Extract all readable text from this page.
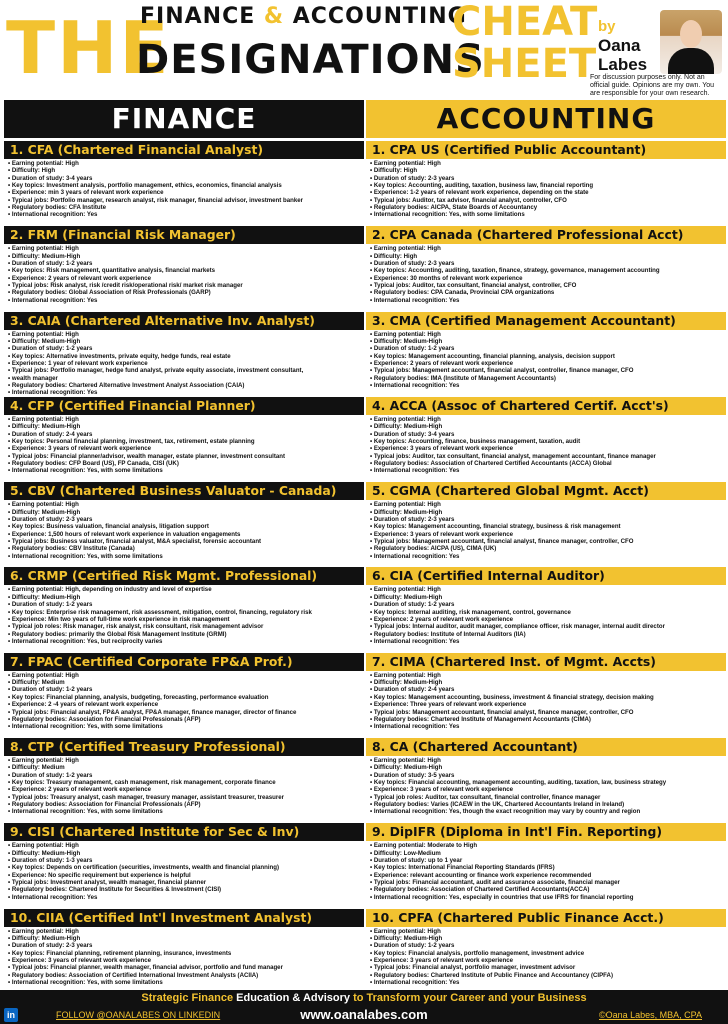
THE
FINANCE & ACCOUNTING
DESIGNATIONS
CHEAT
SHEET
by
Oana Labes
For discussion purposes only. Not an official guide. Opinions are my own. You are responsible for your own research.
FINANCE	ACCOUNTING
1. CFA (Chartered Financial Analyst)
• Earning potential: High
• Difficulty: High
• Duration of study: 3-4 years
• Key topics: Investment analysis, portfolio management, ethics, economics, financial analysis
• Experience: min 3 years of relevant work experience
• Typical jobs: Portfolio manager, research analyst, risk manager, financial advisor, investment banker
• Regulatory bodies: CFA Institute
• International recognition: Yes
2. FRM (Financial Risk Manager)
• Earning potential: High
• Difficulty: Medium-High
• Duration of study: 1-2 years
• Key topics: Risk management, quantitative analysis, financial markets
• Experience: 2 years of relevant work experience
• Typical jobs: Risk analyst, risk /credit risk/operational risk/ market risk manager
• Regulatory bodies: Global Association of Risk Professionals (GARP)
• International recognition: Yes
3. CAIA (Chartered Alternative Inv. Analyst)
• Earning potential: High
• Difficulty: Medium-High
• Duration of study: 1-2 years
• Key topics: Alternative investments, private equity, hedge funds, real estate
• Experience: 1 year of relevant work experience
• Typical jobs: Portfolio manager, hedge fund analyst, private equity associate, investment consultant,
• wealth manager
• Regulatory bodies: Chartered Alternative Investment Analyst Association (CAIA)
• International recognition: Yes
4. CFP (Certified Financial Planner)
• Earning potential: High
• Difficulty: Medium-High
• Duration of study: 2-4 years
• Key topics: Personal financial planning, investment, tax, retirement, estate planning
• Experience: 3 years of relevant work experience
• Typical jobs: Financial planner/advisor, wealth manager, estate planner, investment consultant
• Regulatory bodies: CFP Board (US), FP Canada, CISI (UK)
• International recognition: Yes, with some limitations
5. CBV (Chartered Business Valuator - Canada)
• Earning potential: High
• Difficulty: Medium-High
• Duration of study: 2-3 years
• Key topics: Business valuation, financial analysis, litigation support
• Experience: 1,500 hours of relevant work experience in valuation engagements
• Typical jobs: Business valuator, financial analyst, M&A specialist, forensic accountant
• Regulatory bodies: CBV Institute (Canada)
• International recognition: Yes, with some limitations
6. CRMP (Certified Risk Mgmt. Professional)
• Earning potential: High, depending on industry and level of expertise
• Difficulty: Medium-High
• Duration of study: 1-2 years
• Key topics: Enterprise risk management, risk assessment, mitigation, control, financing, regulatory risk
• Experience: Min two years of full-time work experience in risk management
• Typical job roles: Risk manager, risk analyst, risk consultant, risk management advisor
• Regulatory bodies: primarily the Global Risk Management Institute (GRMI)
• International recognition: Yes, but reciprocity varies
7. FPAC (Certified Corporate FP&A Prof.)
• Earning potential: High
• Difficulty: Medium
• Duration of study: 1-2 years
• Key topics: Financial planning, analysis, budgeting, forecasting, performance evaluation
• Experience: 2 -4 years of relevant work experience
• Typical jobs: Financial analyst, FP&A analyst, FP&A manager, finance manager, director of finance
• Regulatory bodies: Association for Financial Professionals (AFP)
• International recognition: Yes, with some limitations
8. CTP (Certified Treasury Professional)
• Earning potential: High
• Difficulty: Medium
• Duration of study: 1-2 years
• Key topics: Treasury management, cash management, risk management, corporate finance
• Experience: 2 years of relevant work experience
• Typical jobs: Treasury analyst, cash manager, treasury manager, assistant treasurer, treasurer
• Regulatory bodies: Association for Financial Professionals (AFP)
• International recognition: Yes, with some limitations
9. CISI (Chartered Institute for Sec & Inv)
• Earning potential: High
• Difficulty: Medium-High
• Duration of study: 1-3 years
• Key topics: Depends on certification (securities, investments, wealth and financial planning)
• Experience: No specific requirement but experience is helpful
• Typical jobs: Investment analyst, wealth manager, financial planner
• Regulatory bodies: Chartered Institute for Securities & Investment (CISI)
• International recognition: Yes
10. CIIA (Certified Int'l Investment Analyst)
• Earning potential: High
• Difficulty: Medium-High
• Duration of study: 2-3 years
• Key topics: Financial planning, retirement planning, insurance, investments
• Experience: 3 years of relevant work experience
• Typical jobs: Financial planner, wealth manager, financial advisor, portfolio and fund manager
• Regulatory bodies: Association of Certified International Investment Analysts (ACIIA)
• International recognition: Yes, with some limitations
1. CPA US (Certified Public Accountant)
• Earning potential: High
• Difficulty: High
• Duration of study: 2-3 years
• Key topics: Accounting, auditing, taxation, business law, financial reporting
• Experience: 1-2 years of relevant work experience, depending on the state
• Typical jobs: Auditor, tax advisor, financial analyst, controller, CFO
• Regulatory bodies: AICPA, State Boards of Accountancy
• International recognition: Yes, with some limitations
2. CPA Canada (Chartered Professional Acct)
• Earning potential: High
• Difficulty: High
• Duration of study: 2-3 years
• Key topics: Accounting, auditing, taxation, finance, strategy, governance, management accounting
• Experience: 30 months of relevant work experience
• Typical jobs: Auditor, tax consultant, financial analyst, controller, CFO
• Regulatory bodies: CPA Canada, Provincial CPA organizations
• International recognition: Yes
3. CMA (Certified Management Accountant)
• Earning potential: High
• Difficulty: Medium-High
• Duration of study: 1-2 years
• Key topics: Management accounting, financial planning, analysis, decision support
• Experience: 2 years of relevant work experience
• Typical jobs: Management accountant, financial analyst, controller, finance manager, CFO
• Regulatory bodies: IMA (Institute of Management Accountants)
• International recognition: Yes
4. ACCA (Assoc of Chartered Certif. Acct's)
• Earning potential: High
• Difficulty: Medium-High
• Duration of study: 3-4 years
• Key topics: Accounting, finance, business management, taxation, audit
• Experience: 3 years of relevant work experience
• Typical jobs: Auditor, tax consultant, financial analyst, management accountant, finance manager
• Regulatory bodies: Association of Chartered Certified Accountants (ACCA) Global
• International recognition: Yes
5. CGMA (Chartered Global Mgmt. Acct)
• Earning potential: High
• Difficulty: Medium-High
• Duration of study: 2-3 years
• Key topics: Management accounting, financial strategy, business & risk management
• Experience: 3 years of relevant work experience
• Typical jobs: Management accountant, financial analyst, finance manager, controller, CFO
• Regulatory bodies: AICPA (US), CIMA (UK)
• International recognition: Yes
6. CIA (Certified Internal Auditor)
• Earning potential: High
• Difficulty: Medium-High
• Duration of study: 1-2 years
• Key topics: Internal auditing, risk management, control, governance
• Experience: 2 years of relevant work experience
• Typical jobs: Internal auditor, audit manager, compliance officer, risk manager, internal audit director
• Regulatory bodies: Institute of Internal Auditors (IIA)
• International recognition: Yes
7. CIMA (Chartered Inst. of Mgmt. Accts)
• Earning potential: High
• Difficulty: Medium-High
• Duration of study: 2-4 years
• Key topics: Management accounting, business, investment & financial strategy, decision making
• Experience: Three years of relevant work experience
• Typical jobs: Management accountant, financial analyst, finance manager, controller, CFO
• Regulatory bodies: Chartered Institute of Management Accountants (CIMA)
• International recognition: Yes
8. CA (Chartered Accountant)
• Earning potential: High
• Difficulty: Medium-High
• Duration of study: 3-5 years
• Key topics: Financial accounting, management accounting, auditing, taxation, law, business strategy
• Experience: 3 years of relevant work experience
• Typical job roles: Auditor, tax consultant, financial controller, finance manager
• Regulatory bodies: Varies (ICAEW in the UK, Chartered Accountants Ireland in Ireland)
• International recognition: Yes, though the exact recognition may vary by country and region
9. DipIFR (Diploma in Int'l Fin. Reporting)
• Earning potential: Moderate to High
• Difficulty: Low-Medium
• Duration of study: up to 1 year
• Key topics: International Financial Reporting Standards (IFRS)
• Experience: relevant accounting or finance work experience recommended
• Typical jobs: Financial accountant, audit and assurance associate, financial manager
• Regulatory bodies: Association of Chartered Certified Accountants(ACCA)
• International recognition: Yes, especially in countries that use IFRS for financial reporting
10. CPFA (Chartered Public Finance Acct.)
• Earning potential: High
• Difficulty: Medium-High
• Duration of study: 1-2 years
• Key topics: Financial analysis, portfolio management, investment advice
• Experience: 3 years of relevant work experience
• Typical jobs: Financial analyst, portfolio manager, investment advisor
• Regulatory bodies: Chartered Institute of Public Finance and Accountancy (CIPFA)
• International recognition: Yes
Strategic Finance Education & Advisory to Transform your Career and your Business
in	FOLLOW @OANALABES ON LINKEDIN	www.oanalabes.com	©Oana Labes, MBA, CPA
